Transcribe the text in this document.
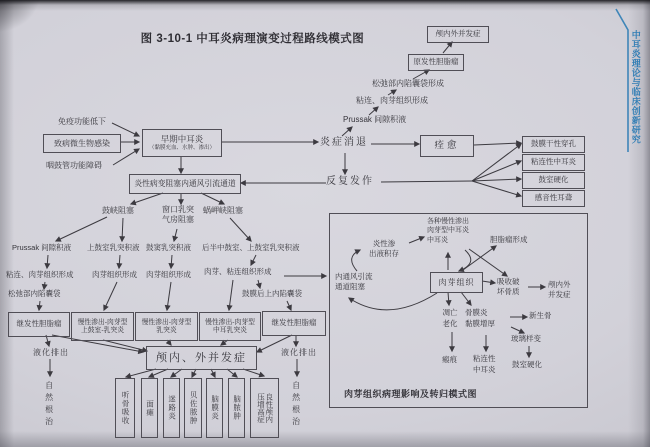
图 3-10-1 中耳炎病理演变过程路线模式图	中耳炎理论与临床创新研究
免疫功能低下
致病微生物感染
咽鼓管功能障碍
早期中耳炎
（黏膜充血、水肿、渗出）
炎性病变阻塞内通风引流通道
炎症消退
反复发作
痊愈	鼓膜干性穿孔
粘连性中耳炎
鼓室硬化
感音性耳聋
Prussak 间隙积液
粘连、肉芽组织形成
松弛部内陷囊袋形成
原发性胆脂瘤
颅内外并发症
鼓峡阻塞	窗口乳突
气房阻塞
蜗岬峡阻塞
Prussak 间隙积液 上鼓室乳突积液 鼓窦乳突积液 后半中鼓室、上鼓室乳突积液
粘连、肉芽组织形成 肉芽组织形成 肉芽组织形成 肉芽、粘连组织形成
松弛部内陷囊袋	鼓膜后上内陷囊袋
继发性胆脂瘤	继发性胆脂瘤
慢性渗出-肉芽型
上鼓室-乳突炎
慢性渗出-肉芽型
乳突炎
慢性渗出-肉芽型
中耳乳突炎
颅内、外并发症
听骨吸收	面瘫	迷路炎	贝佐脓肿	脑膜炎	脑脓肿	良性颅内
压增高症
液化排出	液化排出
自然根治	自然根治
各种慢性渗出
肉芽型中耳炎
中耳炎	胆脂瘤形成
炎性渗
出液积存
内通风引流
通道阻塞	肉芽组织	吸收破
坏骨质
颅内外
并发症
凋亡
老化
骨膜炎
黏膜增厚
新生骨
玻璃样变
瘢痕 粘连性
中耳炎 鼓室硬化
肉芽组织病理影响及转归模式图
